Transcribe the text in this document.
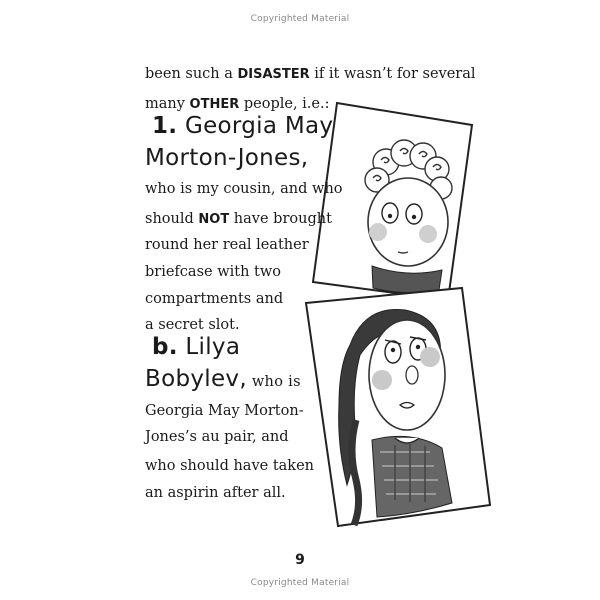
Copyrighted Material
been such a DISASTER if it wasn’t for several
many OTHER people, i.e.:
1. Georgia May
Morton-Jones,
who is my cousin, and who
should NOT have brought
round her real leather
briefcase with two
compartments and
a secret slot.
b. Lilya
Bobylev, who is
Georgia May Morton-
Jones’s au pair, and
who should have taken
an aspirin after all.
9
Copyrighted Material
